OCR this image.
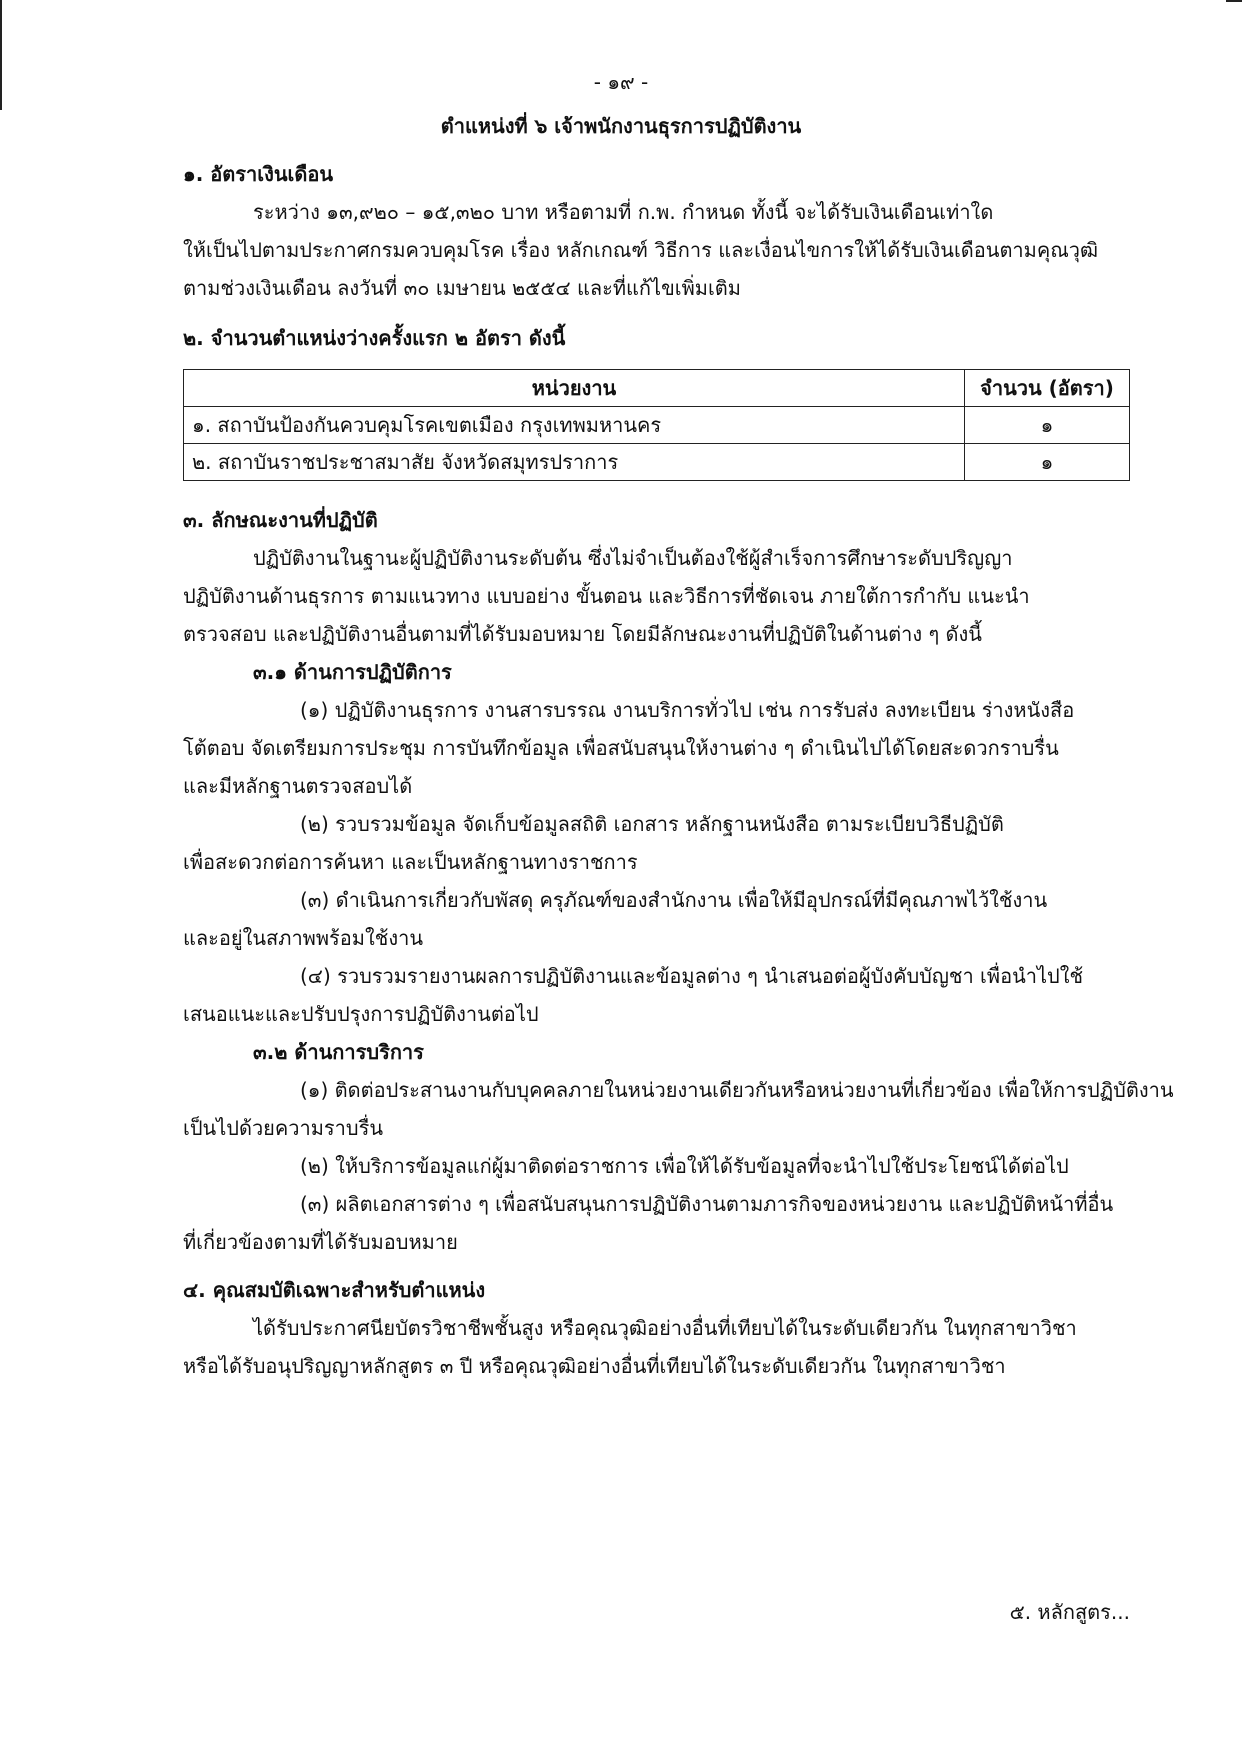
- ๑๙ -
ตำแหน่งที่ ๖ เจ้าพนักงานธุรการปฏิบัติงาน
๑. อัตราเงินเดือน
ระหว่าง ๑๓,๙๒๐ – ๑๕,๓๒๐ บาท หรือตามที่ ก.พ. กำหนด ทั้งนี้ จะได้รับเงินเดือนเท่าใด
ให้เป็นไปตามประกาศกรมควบคุมโรค เรื่อง หลักเกณฑ์ วิธีการ และเงื่อนไขการให้ได้รับเงินเดือนตามคุณวุฒิ
ตามช่วงเงินเดือน ลงวันที่ ๓๐ เมษายน ๒๕๕๔ และที่แก้ไขเพิ่มเติม
๒. จำนวนตำแหน่งว่างครั้งแรก ๒ อัตรา ดังนี้
หน่วยงาน	จำนวน (อัตรา)
๑. สถาบันป้องกันควบคุมโรคเขตเมือง กรุงเทพมหานคร	๑
๒. สถาบันราชประชาสมาสัย จังหวัดสมุทรปราการ	๑
๓. ลักษณะงานที่ปฏิบัติ
ปฏิบัติงานในฐานะผู้ปฏิบัติงานระดับต้น ซึ่งไม่จำเป็นต้องใช้ผู้สำเร็จการศึกษาระดับปริญญา
ปฏิบัติงานด้านธุรการ ตามแนวทาง แบบอย่าง ขั้นตอน และวิธีการที่ชัดเจน ภายใต้การกำกับ แนะนำ
ตรวจสอบ และปฏิบัติงานอื่นตามที่ได้รับมอบหมาย โดยมีลักษณะงานที่ปฏิบัติในด้านต่าง ๆ ดังนี้
๓.๑ ด้านการปฏิบัติการ
(๑) ปฏิบัติงานธุรการ งานสารบรรณ งานบริการทั่วไป เช่น การรับส่ง ลงทะเบียน ร่างหนังสือ
โต้ตอบ จัดเตรียมการประชุม การบันทึกข้อมูล เพื่อสนับสนุนให้งานต่าง ๆ ดำเนินไปได้โดยสะดวกราบรื่น
และมีหลักฐานตรวจสอบได้
(๒) รวบรวมข้อมูล จัดเก็บข้อมูลสถิติ เอกสาร หลักฐานหนังสือ ตามระเบียบวิธีปฏิบัติ
เพื่อสะดวกต่อการค้นหา และเป็นหลักฐานทางราชการ
(๓) ดำเนินการเกี่ยวกับพัสดุ ครุภัณฑ์ของสำนักงาน เพื่อให้มีอุปกรณ์ที่มีคุณภาพไว้ใช้งาน
และอยู่ในสภาพพร้อมใช้งาน
(๔) รวบรวมรายงานผลการปฏิบัติงานและข้อมูลต่าง ๆ นำเสนอต่อผู้บังคับบัญชา เพื่อนำไปใช้
เสนอแนะและปรับปรุงการปฏิบัติงานต่อไป
๓.๒ ด้านการบริการ
(๑) ติดต่อประสานงานกับบุคคลภายในหน่วยงานเดียวกันหรือหน่วยงานที่เกี่ยวข้อง เพื่อให้การปฏิบัติงาน
เป็นไปด้วยความราบรื่น
(๒) ให้บริการข้อมูลแก่ผู้มาติดต่อราชการ เพื่อให้ได้รับข้อมูลที่จะนำไปใช้ประโยชน์ได้ต่อไป
(๓) ผลิตเอกสารต่าง ๆ เพื่อสนับสนุนการปฏิบัติงานตามภารกิจของหน่วยงาน และปฏิบัติหน้าที่อื่น
ที่เกี่ยวข้องตามที่ได้รับมอบหมาย
๔. คุณสมบัติเฉพาะสำหรับตำแหน่ง
ได้รับประกาศนียบัตรวิชาชีพชั้นสูง หรือคุณวุฒิอย่างอื่นที่เทียบได้ในระดับเดียวกัน ในทุกสาขาวิชา
หรือได้รับอนุปริญญาหลักสูตร ๓ ปี หรือคุณวุฒิอย่างอื่นที่เทียบได้ในระดับเดียวกัน ในทุกสาขาวิชา
๕. หลักสูตร...
